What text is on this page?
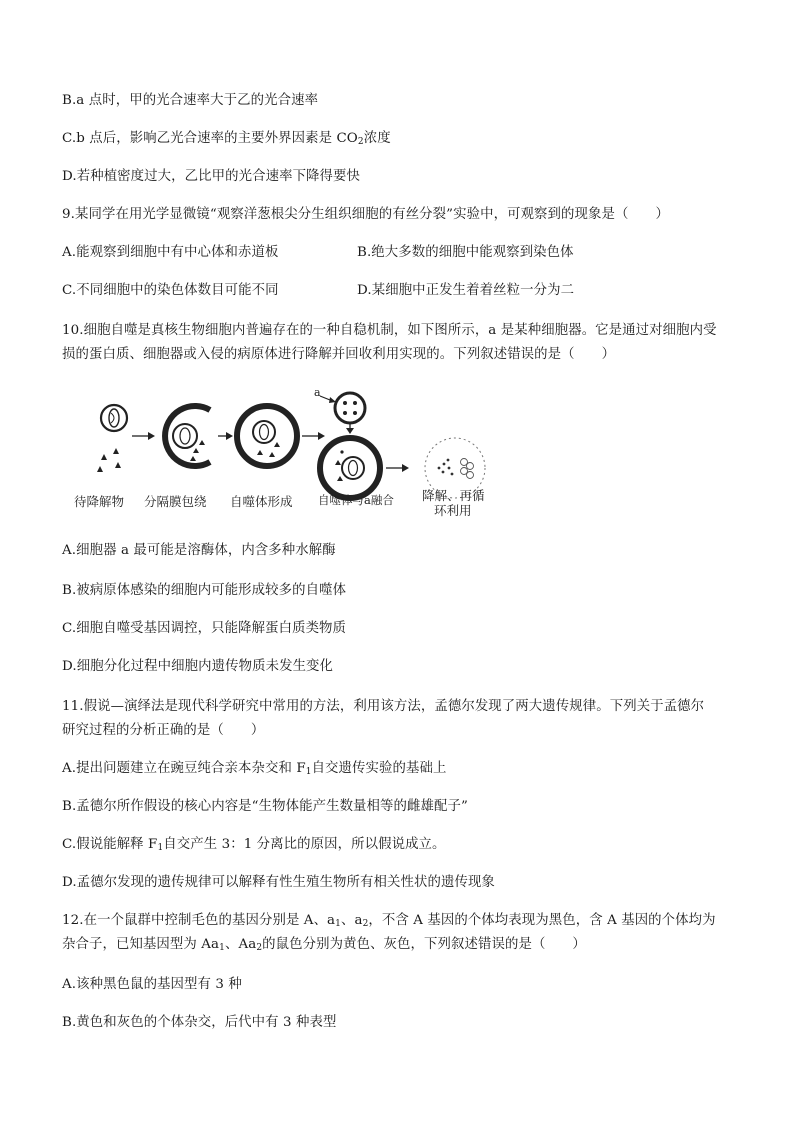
B.a 点时，甲的光合速率大于乙的光合速率
C.b 点后，影响乙光合速率的主要外界因素是 $CO_2$浓度
D.若种植密度过大，乙比甲的光合速率下降得要快
9.某同学在用光学显微镜“观察洋葱根尖分生组织细胞的有丝分裂”实验中，可观察到的现象是（　　）
A.能观察到细胞中有中心体和赤道板	B.绝大多数的细胞中能观察到染色体
C.不同细胞中的染色体数目可能不同	D.某细胞中正发生着着丝粒一分为二
10.细胞自噬是真核生物细胞内普遍存在的一种自稳机制，如下图所示，a 是某种细胞器。它是通过对细胞内受
损的蛋白质、细胞器或入侵的病原体进行降解并回收利用实现的。下列叙述错误的是（　　）
a
待降解物 分隔膜包绕 自噬体形成 自噬体与a融合 降解、再循
环利用
A.细胞器 a 最可能是溶酶体，内含多种水解酶
B.被病原体感染的细胞内可能形成较多的自噬体
C.细胞自噬受基因调控，只能降解蛋白质类物质
D.细胞分化过程中细胞内遗传物质未发生变化
11.假说—演绎法是现代科学研究中常用的方法，利用该方法，孟德尔发现了两大遗传规律。下列关于孟德尔
研究过程的分析正确的是（　　）
A.提出问题建立在豌豆纯合亲本杂交和 $F_1$自交遗传实验的基础上
B.孟德尔所作假设的核心内容是“生物体能产生数量相等的雌雄配子”
C.假说能解释 $F_1$自交产生 3：1 分离比的原因，所以假说成立。
D.孟德尔发现的遗传规律可以解释有性生殖生物所有相关性状的遗传现象
12.在一个鼠群中控制毛色的基因分别是 A、$a_1$、$a_2$，不含 A 基因的个体均表现为黑色，含 A 基因的个体均为
杂合子，已知基因型为 $Aa_1$、$Aa_2$的鼠色分别为黄色、灰色，下列叙述错误的是（　　）
A.该种黑色鼠的基因型有 3 种
B.黄色和灰色的个体杂交，后代中有 3 种表型
